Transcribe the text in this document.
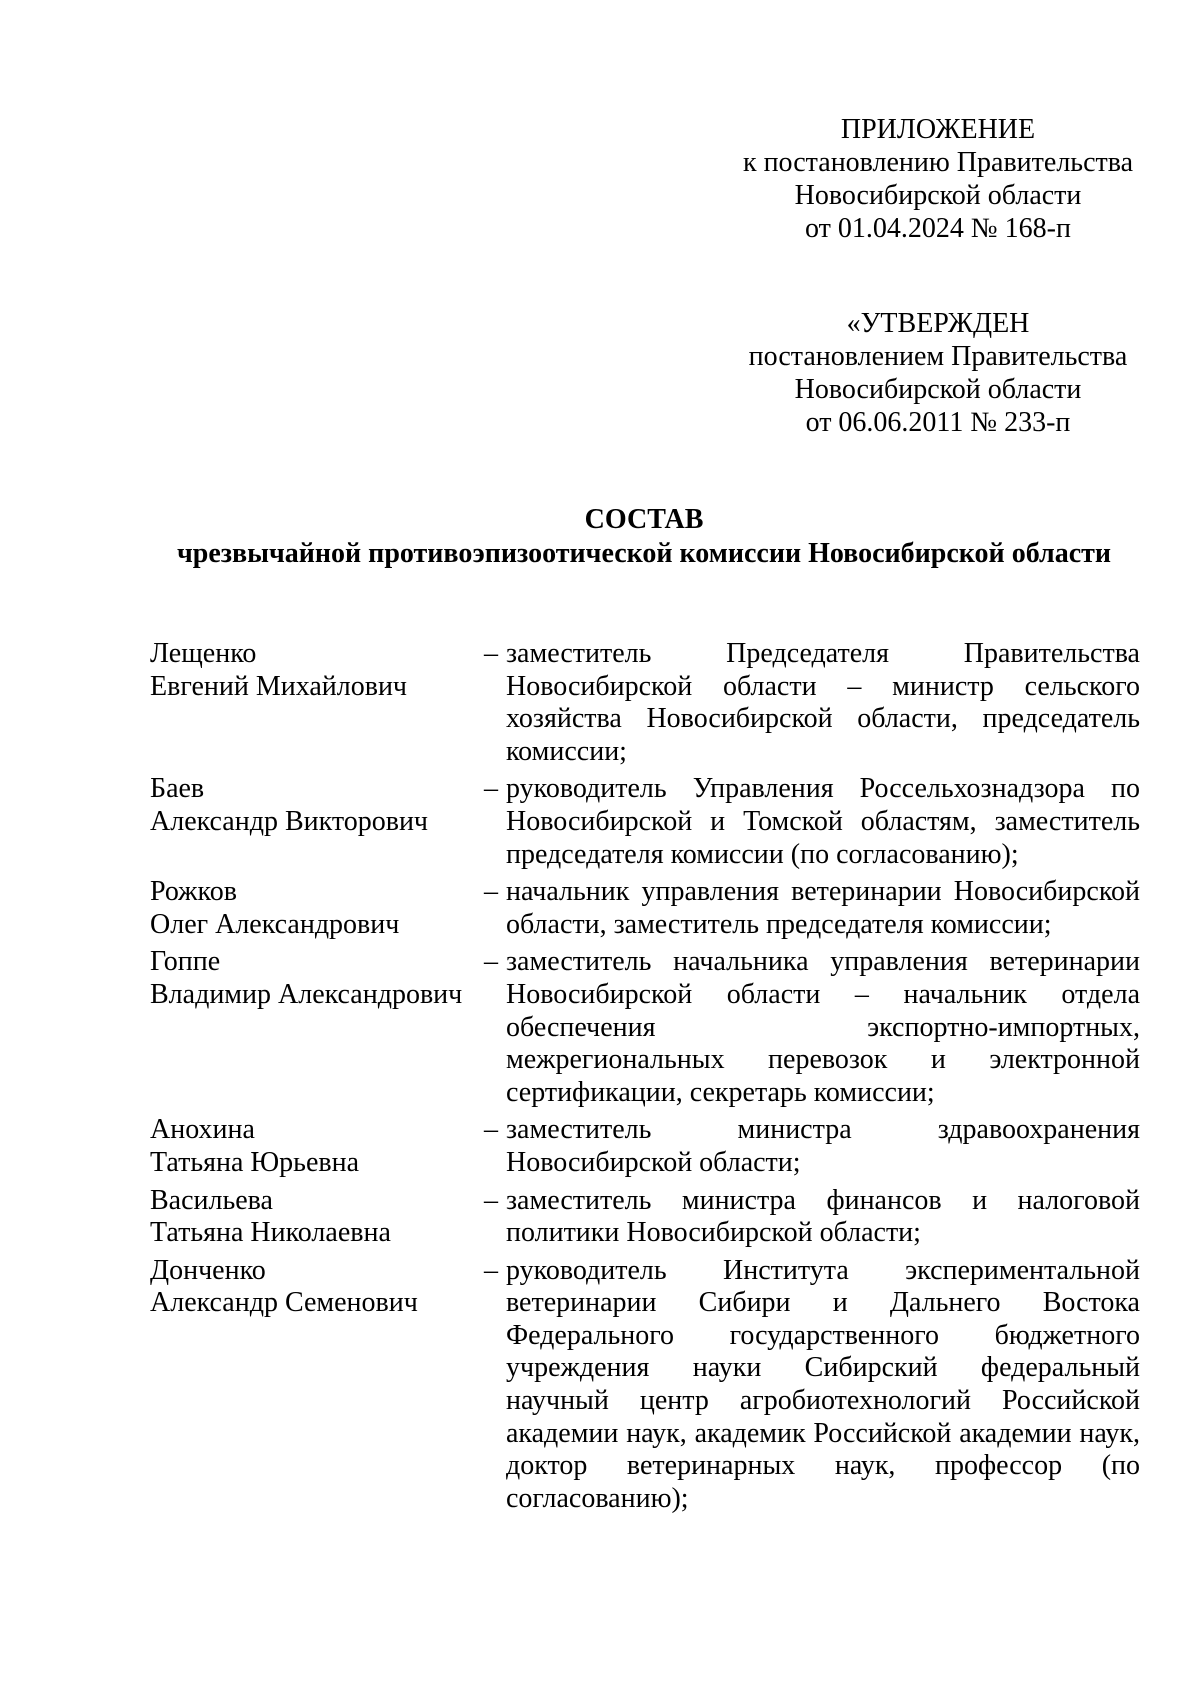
ПРИЛОЖЕНИЕ
к постановлению Правительства
Новосибирской области
от 01.04.2024 № 168-п
«УТВЕРЖДЕН
постановлением Правительства
Новосибирской области
от 06.06.2011 № 233-п
СОСТАВ
чрезвычайной противоэпизоотической комиссии Новосибирской области
Лещенко
Евгений Михайлович
– заместитель Председателя Правительства Новосибирской области – министр сельского хозяйства Новосибирской области, председатель комиссии;
Баев
Александр Викторович
– руководитель Управления Россельхознадзора по Новосибирской и Томской областям, заместитель председателя комиссии (по согласованию);
Рожков
Олег Александрович
– начальник управления ветеринарии Новосибирской области, заместитель председателя комиссии;
Гоппе
Владимир Александрович
– заместитель начальника управления ветеринарии Новосибирской области – начальник отдела обеспечения экспортно-импортных, межрегиональных перевозок и электронной сертификации, секретарь комиссии;
Анохина
Татьяна Юрьевна
– заместитель министра здравоохранения Новосибирской области;
Васильева
Татьяна Николаевна
– заместитель министра финансов и налоговой политики Новосибирской области;
Донченко
Александр Семенович
– руководитель Института экспериментальной ветеринарии Сибири и Дальнего Востока Федерального государственного бюджетного учреждения науки Сибирский федеральный научный центр агробиотехнологий Российской академии наук, академик Российской академии наук, доктор ветеринарных наук, профессор (по согласованию);
